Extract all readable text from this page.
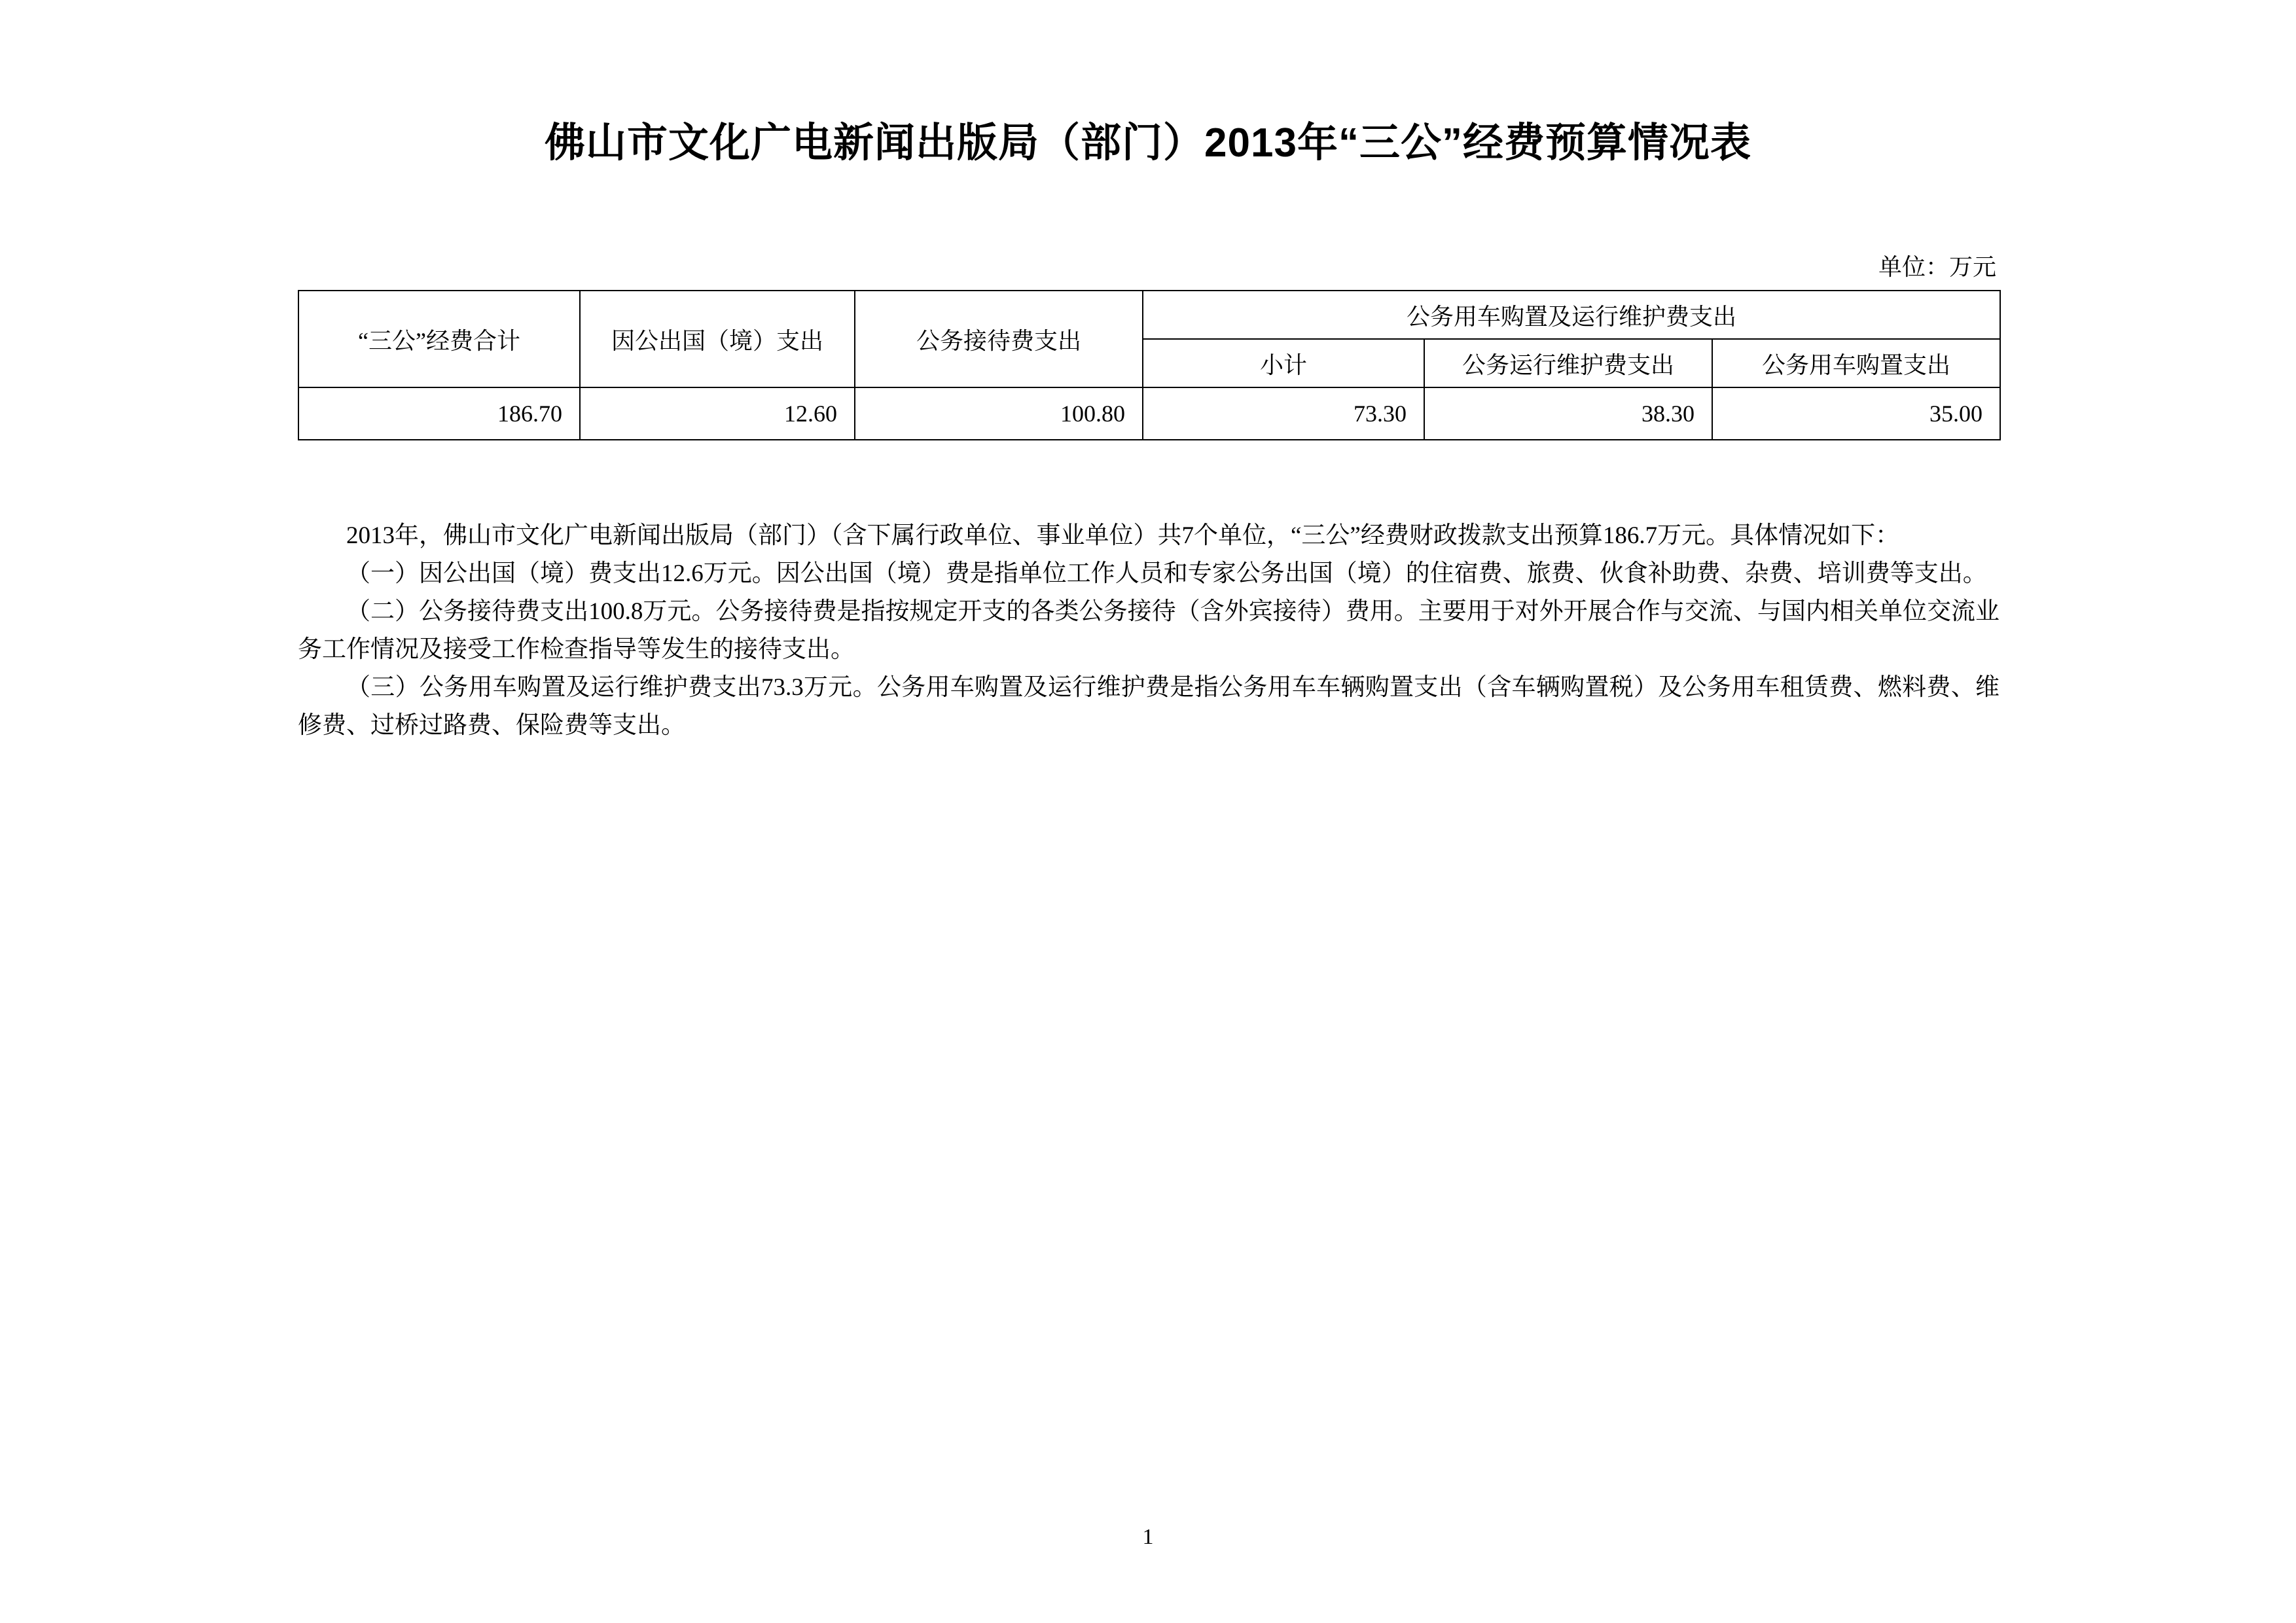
佛山市文化广电新闻出版局（部门）2013年“三公”经费预算情况表
单位：万元
“三公”经费合计	因公出国（境）支出	公务接待费支出	公务用车购置及运行维护费支出		
			小计	公务运行维护费支出	公务用车购置支出
186.70	12.60	100.80	73.30	38.30	35.00

2013年，佛山市文化广电新闻出版局（部门）（含下属行政单位、事业单位）共7个单位，“三公”经费财政拨款支出预算186.7万元。具体情况如下：

（一）因公出国（境）费支出12.6万元。因公出国（境）费是指单位工作人员和专家公务出国（境）的住宿费、旅费、伙食补助费、杂费、培训费等支出。

（二）公务接待费支出100.8万元。公务接待费是指按规定开支的各类公务接待（含外宾接待）费用。主要用于对外开展合作与交流、与国内相关单位交流业务工作情况及接受工作检查指导等发生的接待支出。

（三）公务用车购置及运行维护费支出73.3万元。公务用车购置及运行维护费是指公务用车车辆购置支出（含车辆购置税）及公务用车租赁费、燃料费、维修费、过桥过路费、保险费等支出。

1
